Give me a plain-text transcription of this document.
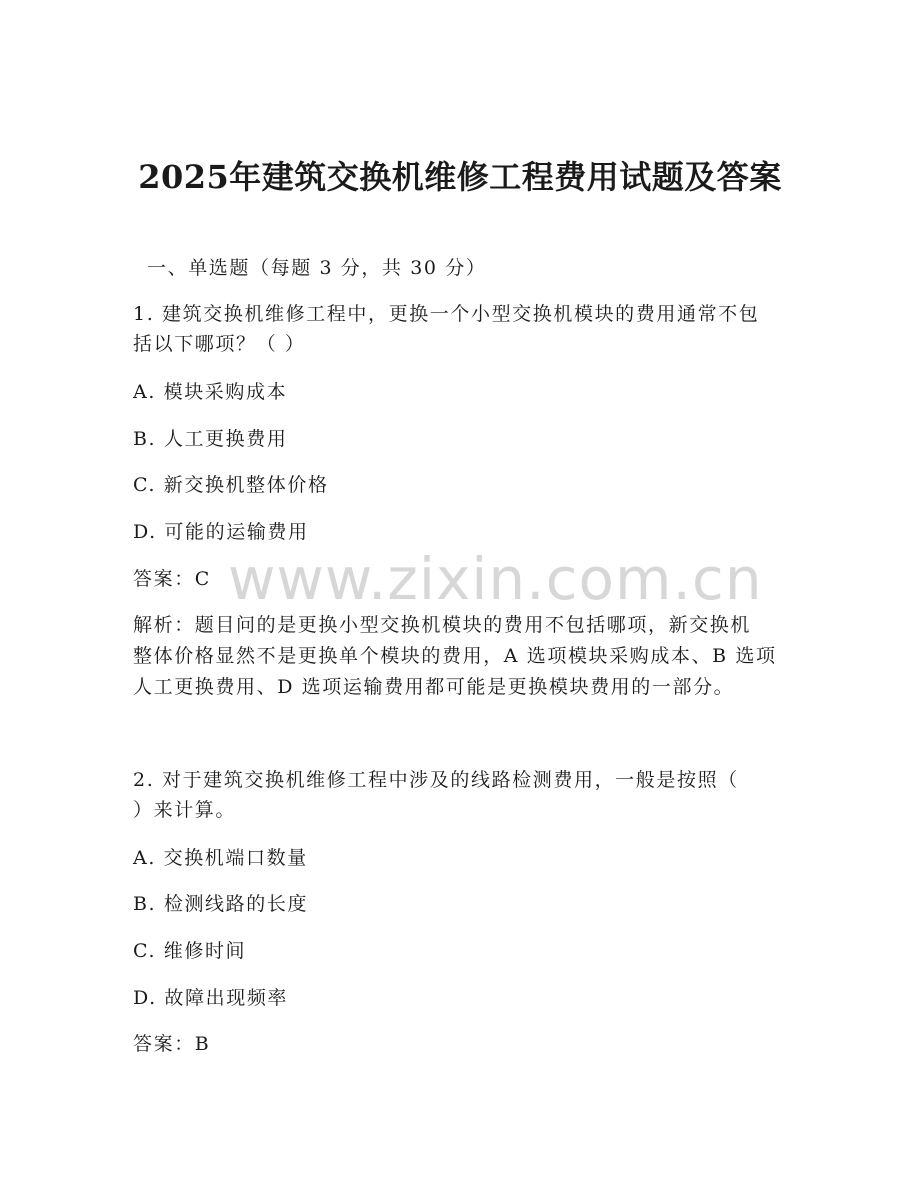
www.zixin.com.cn
2025年建筑交换机维修工程费用试题及答案
一、单选题（每题 3 分，共 30 分）
1. 建筑交换机维修工程中，更换一个小型交换机模块的费用通常不包
括以下哪项？（ ）
A. 模块采购成本
B. 人工更换费用
C. 新交换机整体价格
D. 可能的运输费用
答案：C
解析：题目问的是更换小型交换机模块的费用不包括哪项，新交换机
整体价格显然不是更换单个模块的费用，A 选项模块采购成本、B 选项
人工更换费用、D 选项运输费用都可能是更换模块费用的一部分。
2. 对于建筑交换机维修工程中涉及的线路检测费用，一般是按照（
）来计算。
A. 交换机端口数量
B. 检测线路的长度
C. 维修时间
D. 故障出现频率
答案：B
